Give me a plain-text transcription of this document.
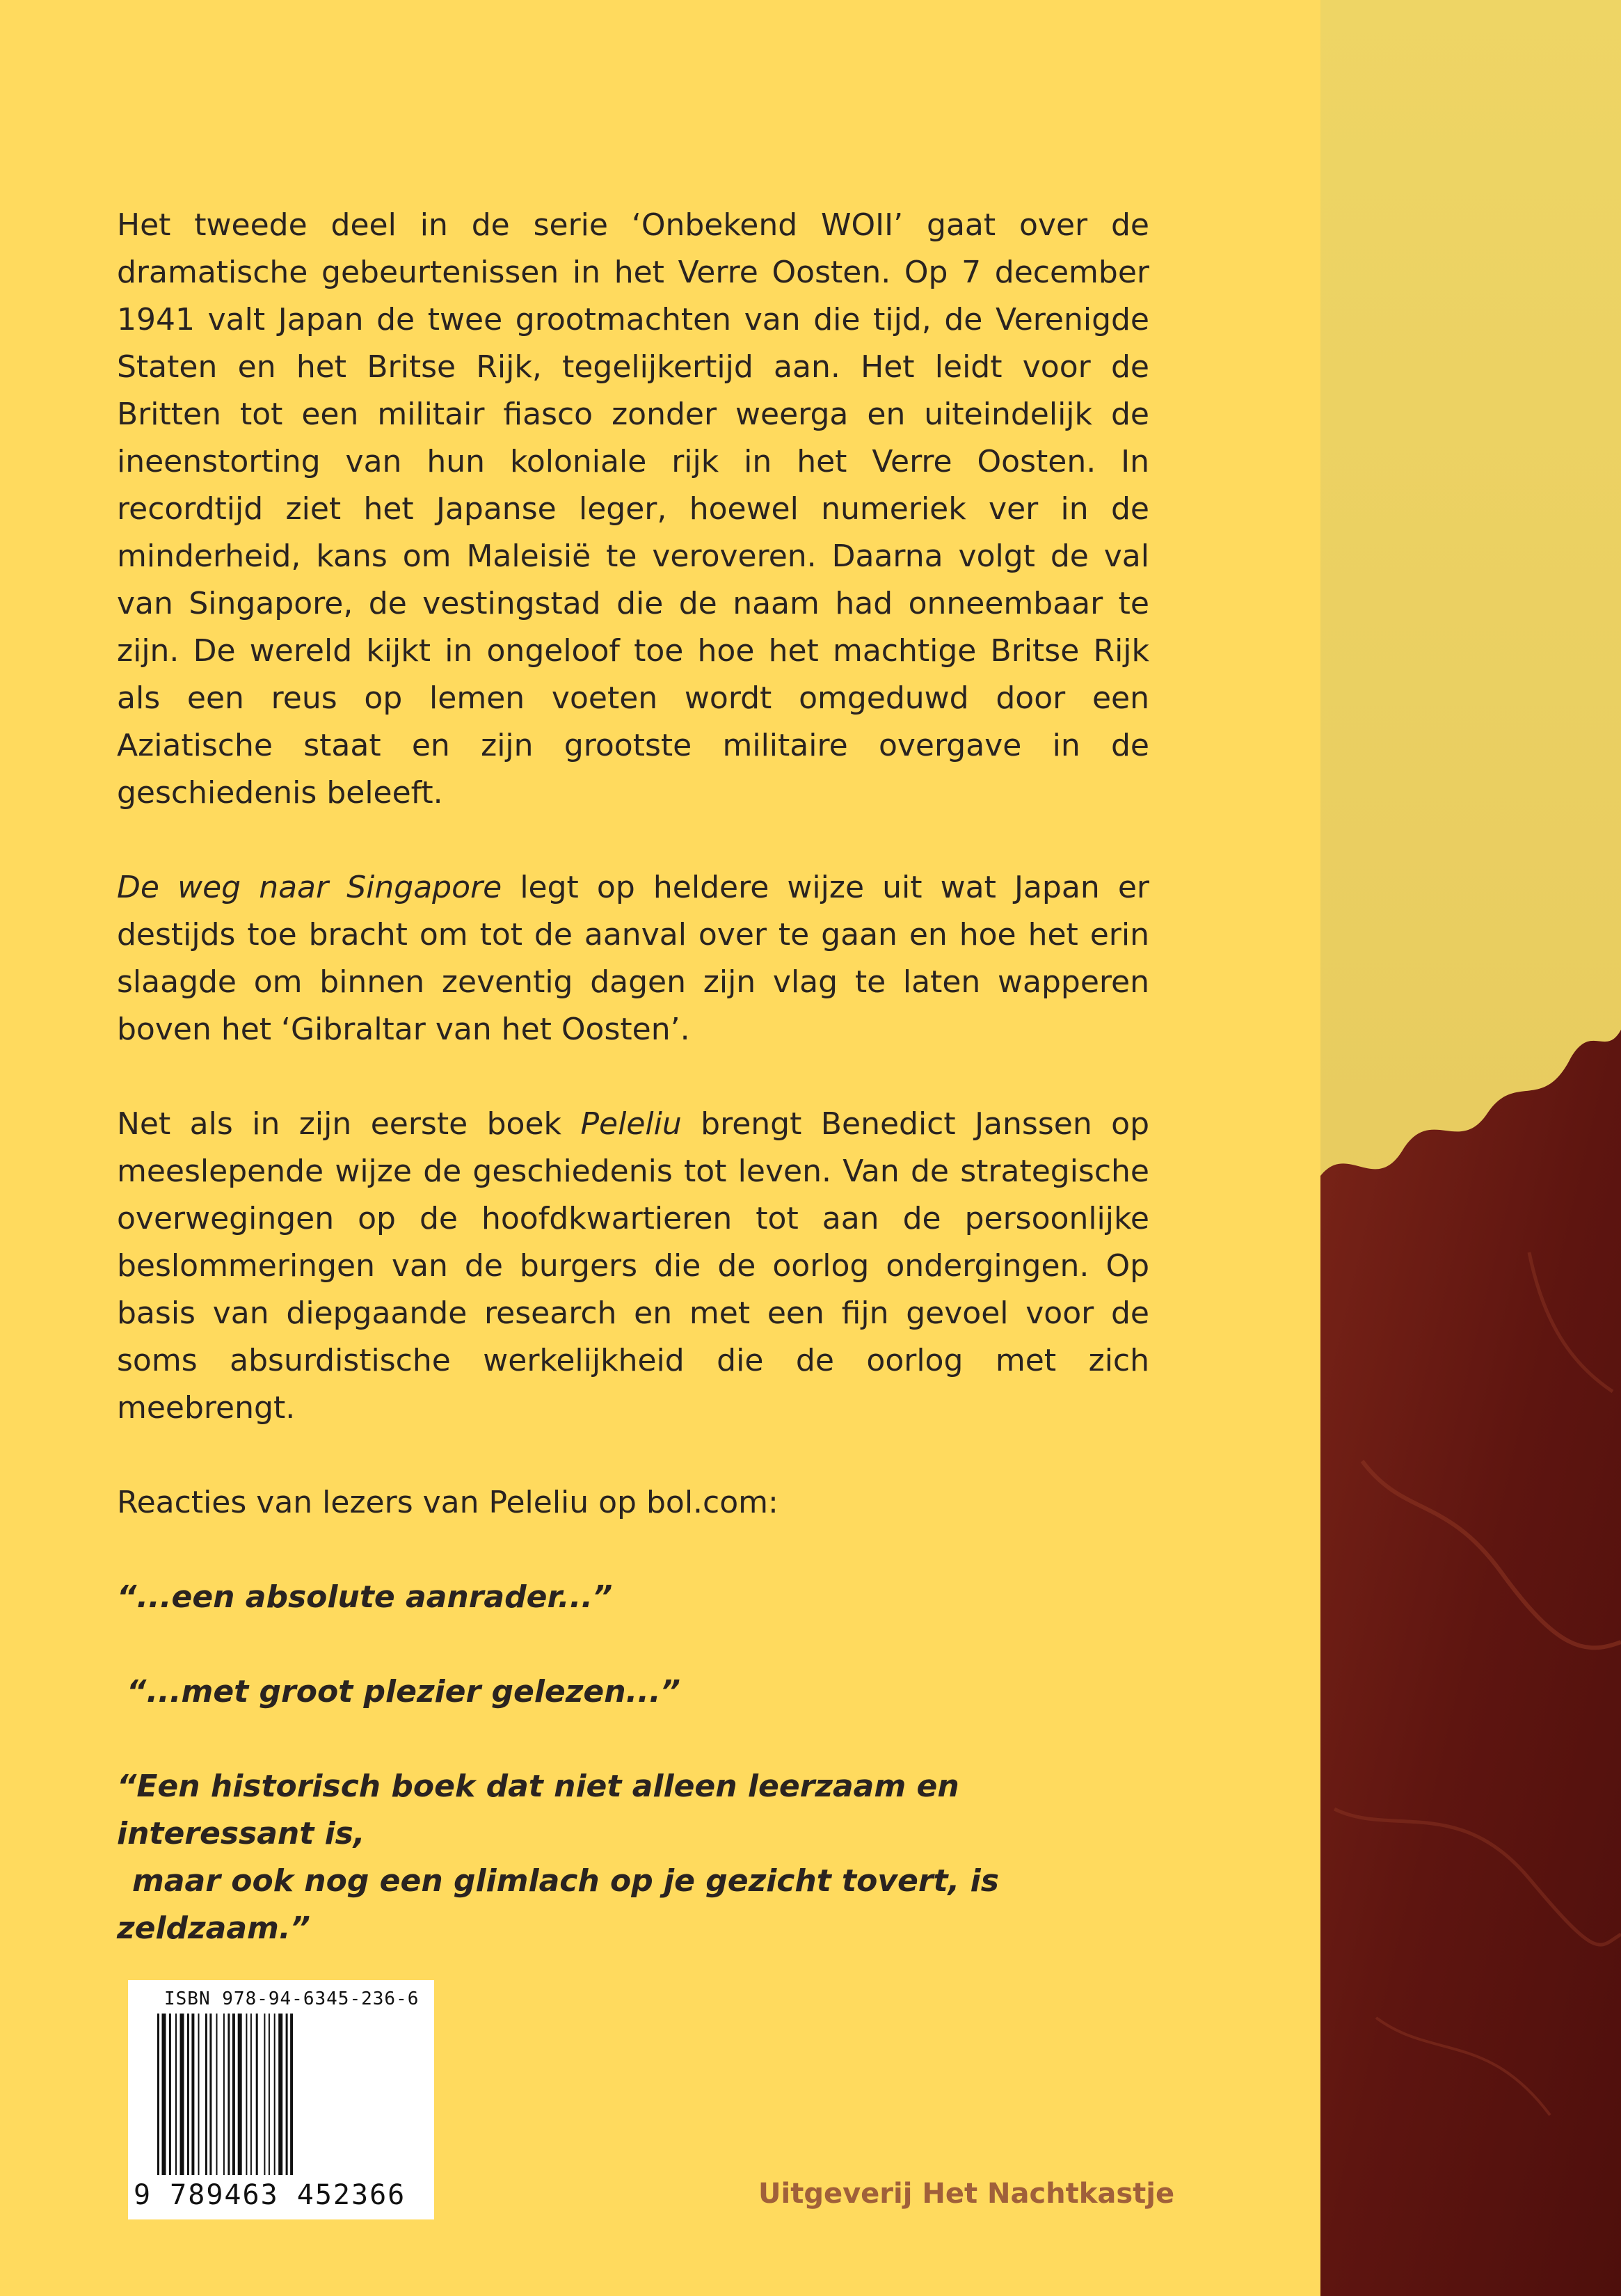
Het tweede deel in de serie ‘Onbekend WOII’ gaat over de dramatische gebeurtenissen in het Verre Oosten. Op 7 december 1941 valt Japan de twee grootmachten van die tijd, de Verenigde Staten en het Britse Rijk, tegelijkertijd aan. Het leidt voor de Britten tot een militair fiasco zonder weerga en uiteindelijk de ineenstorting van hun koloniale rijk in het Verre Oosten. In recordtijd ziet het Japanse leger, hoewel numeriek ver in de minderheid, kans om Maleisië te veroveren. Daarna volgt de val van Singapore, de vestingstad die de naam had onneembaar te zijn. De wereld kijkt in ongeloof toe hoe het machtige Britse Rijk als een reus op lemen voeten wordt omgeduwd door een Aziatische staat en zijn grootste militaire overgave in de geschiedenis beleeft.

De weg naar Singapore legt op heldere wijze uit wat Japan er destijds toe bracht om tot de aanval over te gaan en hoe het erin slaagde om binnen zeventig dagen zijn vlag te laten wapperen boven het ‘Gibraltar van het Oosten’.

Net als in zijn eerste boek Peleliu brengt Benedict Janssen op meeslepende wijze de geschiedenis tot leven. Van de strategische overwegingen op de hoofdkwartieren tot aan de persoonlijke beslommeringen van de burgers die de oorlog ondergingen. Op basis van diepgaande research en met een fijn gevoel voor de soms absurdistische werkelijkheid die de oorlog met zich meebrengt.

Reacties van lezers van Peleliu op bol.com:

“...een absolute aanrader...”

“...met groot plezier gelezen...”

“Een historisch boek dat niet alleen leerzaam en interessant is,
maar ook nog een glimlach op je gezicht tovert, is zeldzaam.”

ISBN 978-94-6345-236-6
9 789463 452366	Uitgeverij Het Nachtkastje
